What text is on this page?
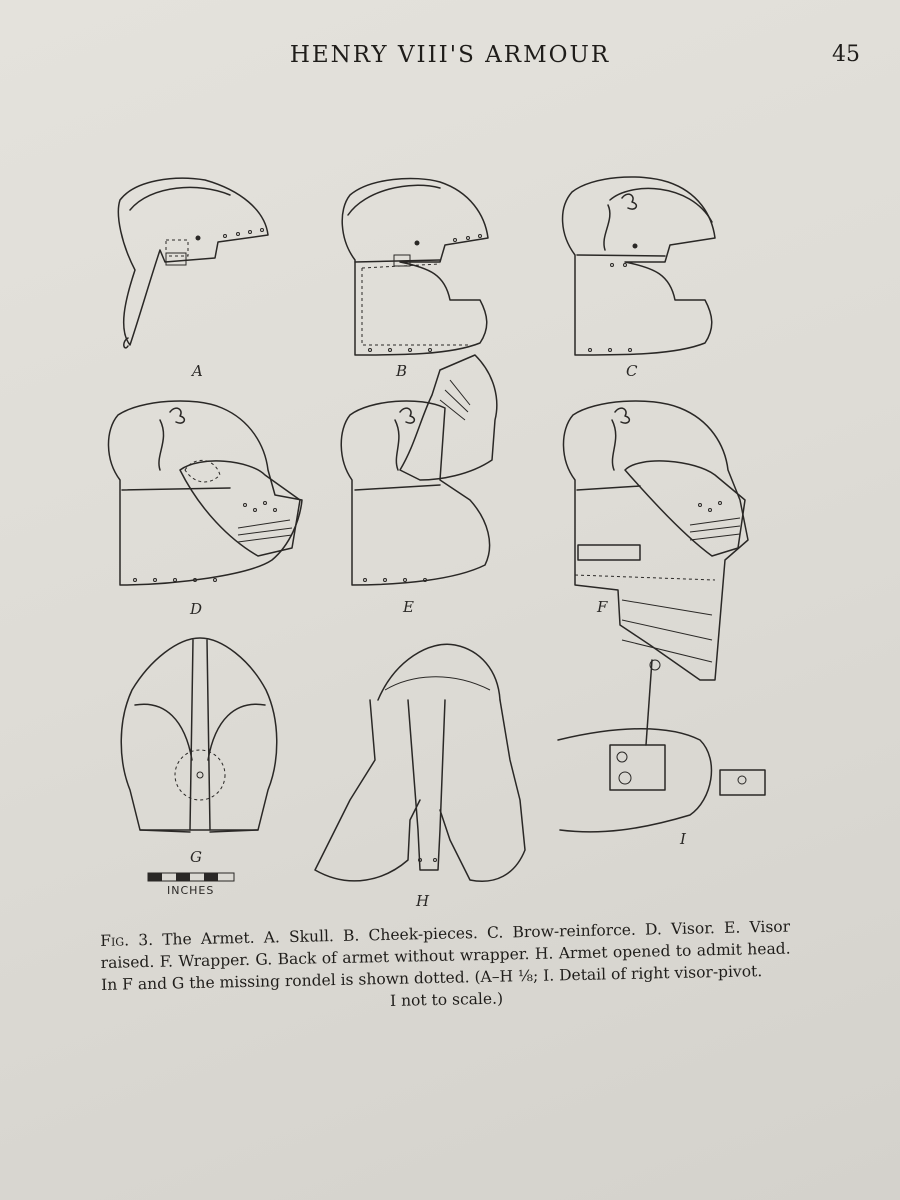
HENRY VIII'S ARMOUR	45
A	B	C
D	E	F
G
H
I
INCHES
Fig. 3. The Armet. A. Skull. B. Cheek-pieces. C. Brow-reinforce. D. Visor. E. Visor raised. F. Wrapper. G. Back of armet without wrapper. H. Armet opened to admit head. In F and G the missing rondel is shown dotted. (A–H ⅛; I. Detail of right visor-pivot.
I not to scale.)
